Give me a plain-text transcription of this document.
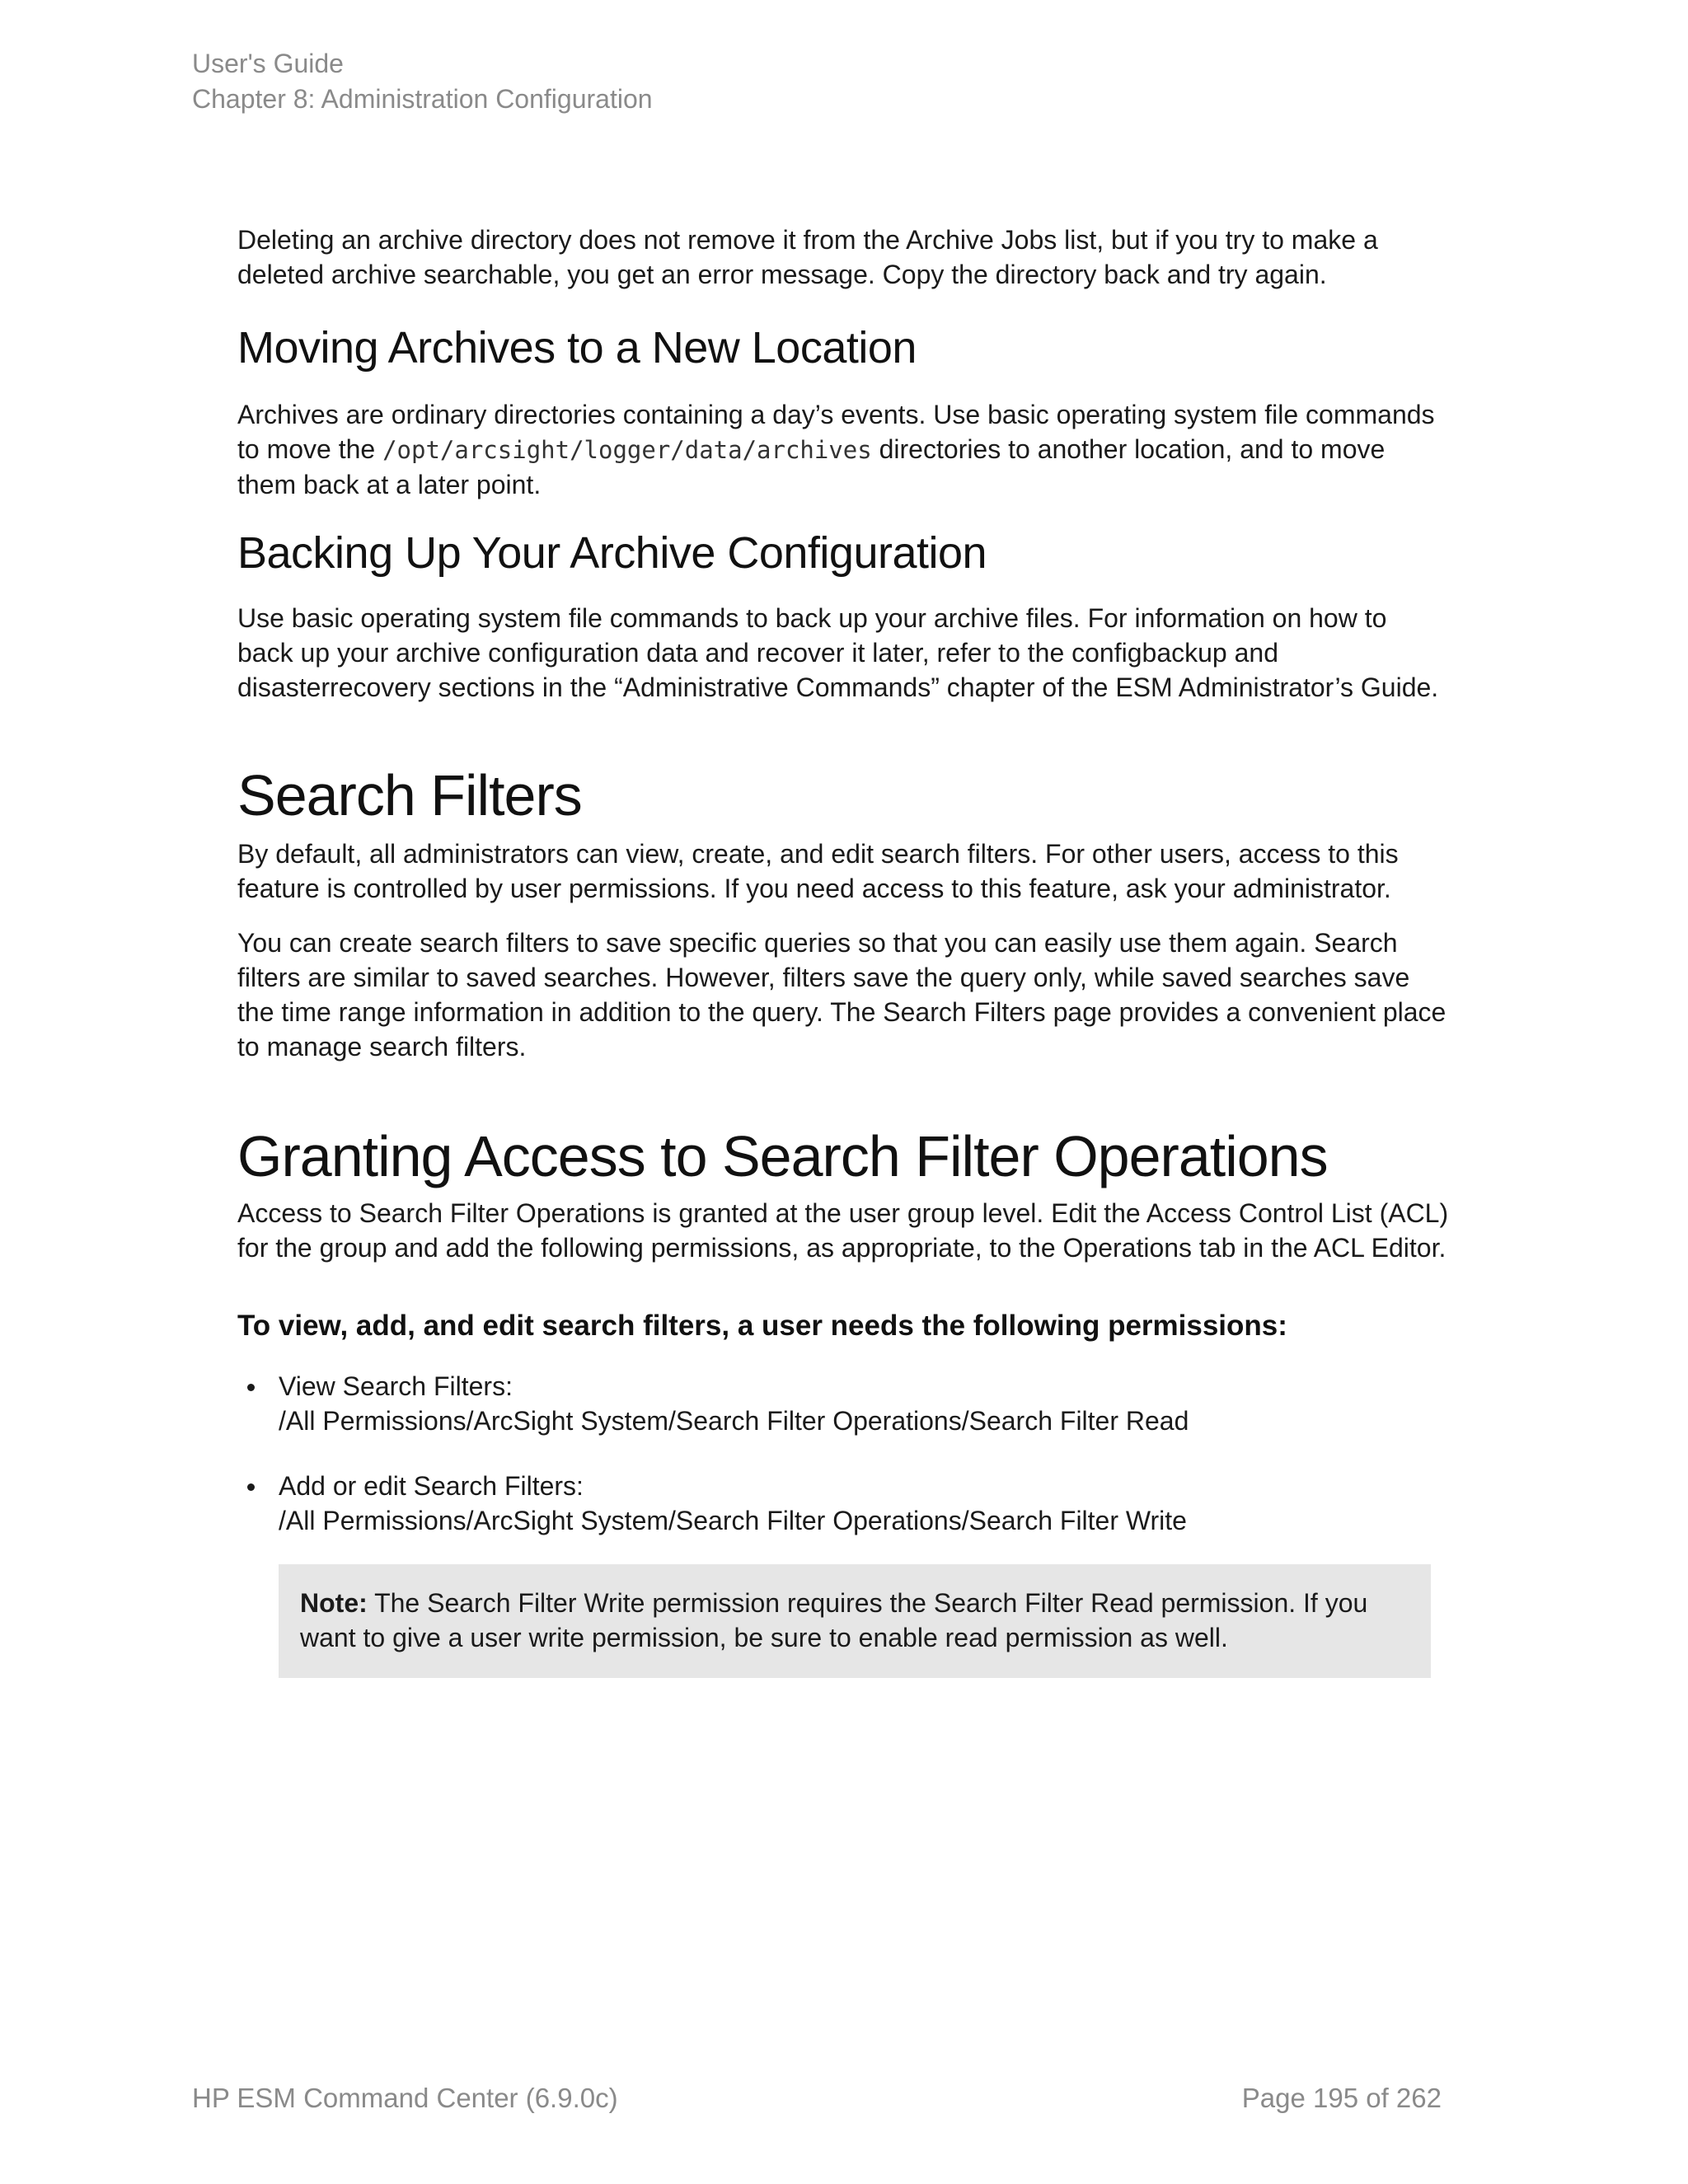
User's Guide
Chapter 8: Administration Configuration

Deleting an archive directory does not remove it from the Archive Jobs list, but if you try to make a deleted archive searchable, you get an error message. Copy the directory back and try again.

Moving Archives to a New Location

Archives are ordinary directories containing a day’s events. Use basic operating system file commands to move the /opt/arcsight/logger/data/archives directories to another location, and to move them back at a later point.

Backing Up Your Archive Configuration

Use basic operating system file commands to back up your archive files. For information on how to back up your archive configuration data and recover it later, refer to the configbackup and disasterrecovery sections in the “Administrative Commands” chapter of the ESM Administrator’s Guide.

Search Filters

By default, all administrators can view, create, and edit search filters. For other users, access to this feature is controlled by user permissions. If you need access to this feature, ask your administrator.

You can create search filters to save specific queries so that you can easily use them again. Search filters are similar to saved searches. However, filters save the query only, while saved searches save the time range information in addition to the query. The Search Filters page provides a convenient place to manage search filters.

Granting Access to Search Filter Operations

Access to Search Filter Operations is granted at the user group level. Edit the Access Control List (ACL) for the group and add the following permissions, as appropriate, to the Operations tab in the ACL Editor.

To view, add, and edit search filters, a user needs the following permissions:
View Search Filters:
/All Permissions/ArcSight System/Search Filter Operations/Search Filter Read
Add or edit Search Filters:
/All Permissions/ArcSight System/Search Filter Operations/Search Filter Write

Note: The Search Filter Write permission requires the Search Filter Read permission. If you want to give a user write permission, be sure to enable read permission as well.

HP ESM Command Center (6.9.0c)	Page 195 of 262
